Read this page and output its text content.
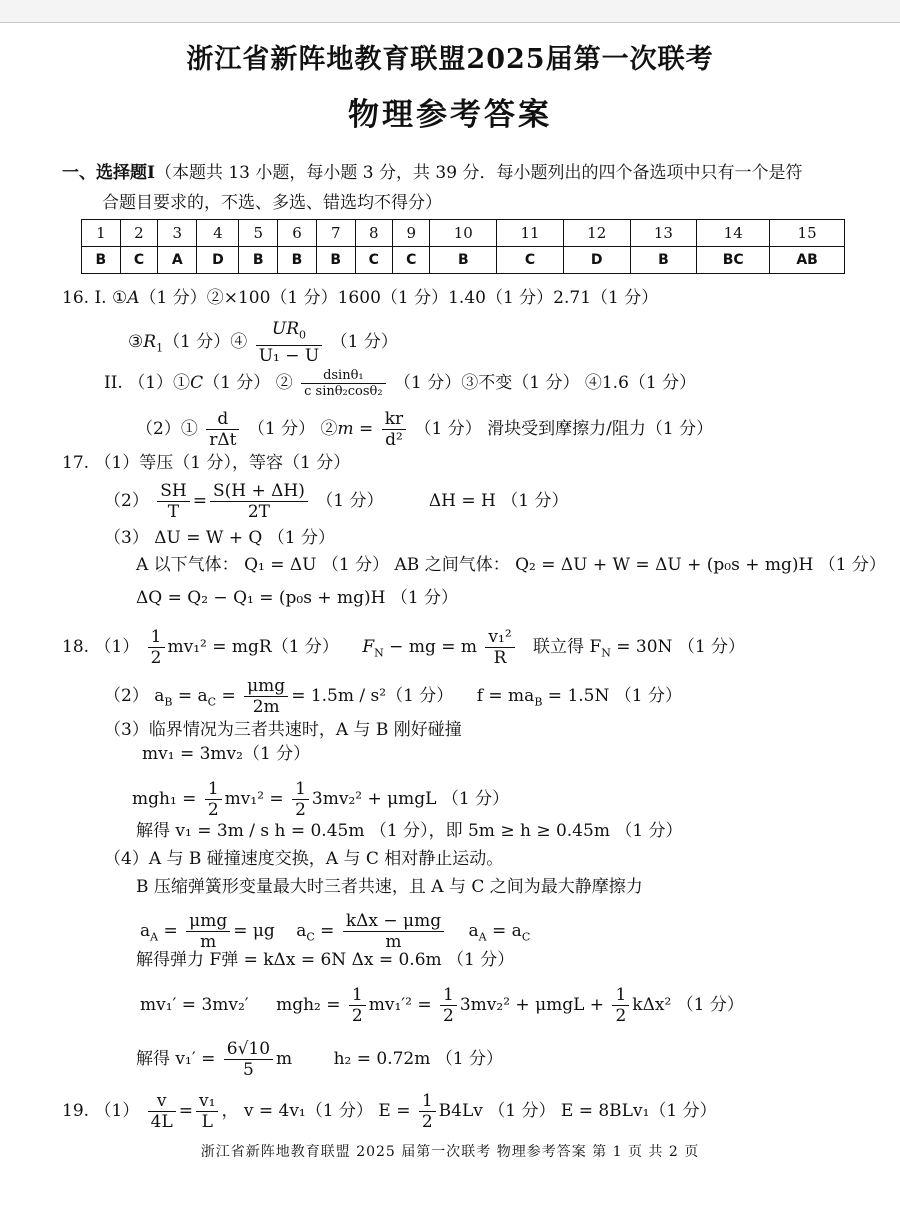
浙江省新阵地教育联盟2025届第一次联考
物理参考答案
一、选择题Ⅰ（本题共 13 小题，每小题 3 分，共 39 分．每小题列出的四个备选项中只有一个是符
合题目要求的，不选、多选、错选均不得分）
1	2	3	4	5	6	7	8	9	10	11	12	13	14	15
B	C	A	D	B	B	B	C	C	B	C	D	B	BC	AB
16. I. ①A（1 分）②×100（1 分）1600（1 分）1.40（1 分）2.71（1 分）
$③R_1(1$ 分）④ $\frac{UR_0}{\text{U₁ − U}} (1$ 分）
II. （1）①C（1 分） ② $\frac{\text{dsinθ₁}}{\text{c sinθ₂cosθ₂}} (1$ 分）③不变（1 分） ④1.6（1 分）
（2）① $\frac{d}{\text{rΔt}} (1$ 分） ②m = $\frac{kr}{\text{d²}} (1$ 分） 滑块受到摩擦力/阻力（1 分）
17. （1）等压（1 分），等容（1 分）
$(2) \frac{SH}{T} = \frac{S(H + \Delta H)}{2T} (1$ 分）	ΔH = H （1 分）
（3） ΔU = W + Q （1 分）
A 以下气体： Q₁ = ΔU （1 分） AB 之间气体： Q₂ = ΔU + W = ΔU + (p₀s + mg)H （1 分）
ΔQ = Q₂ − Q₁ = (p₀s + mg)H （1 分）
18. $(1) \frac{1}{2} mv_1^2 = mgR(1$ 分） $F_N$ − mg = m $\frac{\text{v₁²}}{R}$ 联立得 $F_N = 30N$ （1 分）
（2） $a_B = a_C = \frac{\text{μmg}}{2m} = 1.5m / s^2(1$ 分） $f = ma_B = 1.5N$ （1 分）
（3）临界情况为三者共速时，A 与 B 刚好碰撞
mv₁ = 3mv₂（1 分）
$mgh_1 = \frac{1}{2} mv_1^2 = \frac{1}{2} 3mv_2^2 + \mu mgL$ （1 分）
解得 v₁ = 3m / s h = 0.45m （1 分），即 5m ≥ h ≥ 0.45m （1 分）
（4）A 与 B 碰撞速度交换，A 与 C 相对静止运动。
B 压缩弹簧形变量最大时三者共速，且 A 与 C 之间为最大静摩擦力
$a_A = \frac{\text{μmg}}{m} = \mu g$ $a_C = \frac{\text{kΔx − μmg}}{m} a_A = a_C$
解得弹力 F弹 = kΔx = 6N Δx = 0.6m （1 分）
mv₁′ = 3mv₂′ $mgh_2 = \frac{1}{2} mv_1'^2 = \frac{1}{2} 3mv_2^2 + \mu mgL + \frac{1}{2} k\Delta x^2$ （1 分）
解得 $v_1' = \frac{6√10}{5}$ m h₂ = 0.72m （1 分）
19. $(1) \frac{v}{4L} = \frac{\text{v₁}}{L}$ ， v = 4v₁（1 分） $E = \frac{1}{2} B4Lv$ （1 分） E = 8BLv₁（1 分）
浙江省新阵地教育联盟 2025 届第一次联考 物理参考答案 第 1 页 共 2 页
